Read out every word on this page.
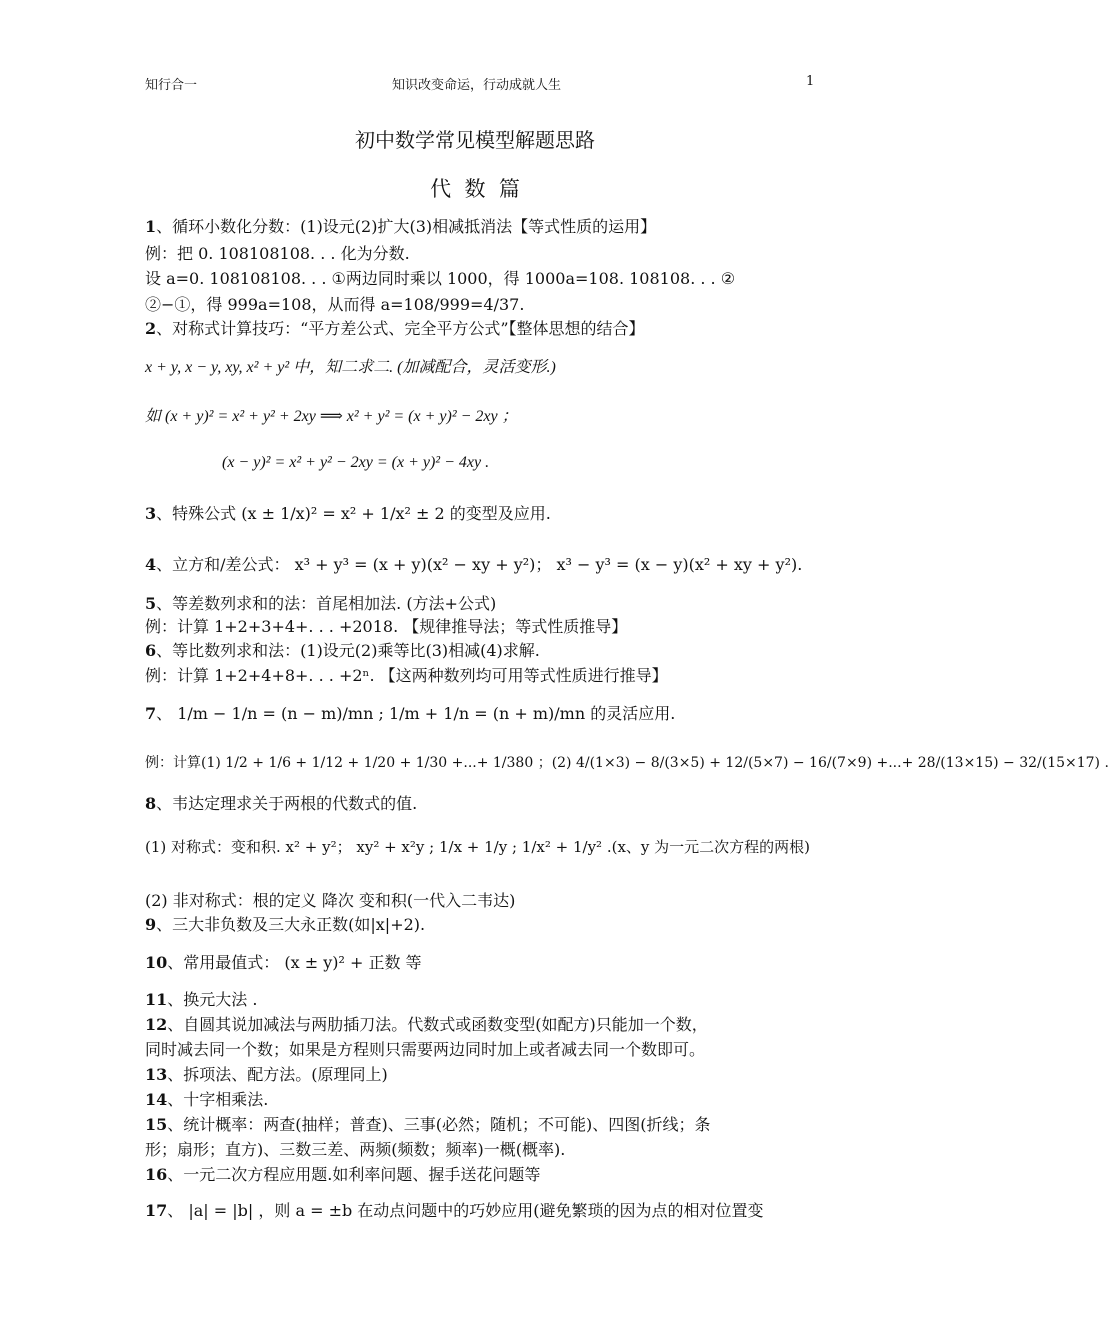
知行合一	知识改变命运，行动成就人生	1
初中数学常见模型解题思路
代  数  篇
1、循环小数化分数：(1)设元(2)扩大(3)相减抵消法【等式性质的运用】
例：把 0. 108108108. . . 化为分数.
设 a=0. 108108108. . . ①两边同时乘以 1000，得 1000a=108. 108108. . . ②
②−①，得 999a=108，从而得 a=108/999=4/37.
2、对称式计算技巧：“平方差公式、完全平方公式”【整体思想的结合】
x + y, x − y, xy, x² + y² 中，知二求二. (加减配合，灵活变形.)
如 (x + y)² = x² + y² + 2xy ⟹ x² + y² = (x + y)² − 2xy ；
(x − y)² = x² + y² − 2xy = (x + y)² − 4xy .
3、特殊公式 (x ± 1/x)² = x² + 1/x² ± 2 的变型及应用.
4、立方和/差公式： x³ + y³ = (x + y)(x² − xy + y²)； x³ − y³ = (x − y)(x² + xy + y²).
5、等差数列求和的法：首尾相加法. (方法+公式)
例：计算 1+2+3+4+. . . +2018. 【规律推导法；等式性质推导】
6、等比数列求和法：(1)设元(2)乘等比(3)相减(4)求解.
例：计算 1+2+4+8+. . . +2ⁿ. 【这两种数列均可用等式性质进行推导】
7、 1/m − 1/n = (n − m)/mn ; 1/m + 1/n = (n + m)/mn 的灵活应用.
例：计算(1) 1/2 + 1/6 + 1/12 + 1/20 + 1/30 +...+ 1/380 ；(2) 4/(1×3) − 8/(3×5) + 12/(5×7) − 16/(7×9) +...+ 28/(13×15) − 32/(15×17) .
8、韦达定理求关于两根的代数式的值.
(1) 对称式：变和积. x² + y²； xy² + x²y ; 1/x + 1/y ; 1/x² + 1/y² .(x、y 为一元二次方程的两根)
(2) 非对称式：根的定义 降次 变和积(一代入二韦达)
9、三大非负数及三大永正数(如|x|+2).
10、常用最值式： (x ± y)² + 正数 等
11、换元大法 .
12、自圆其说加减法与两肋插刀法。代数式或函数变型(如配方)只能加一个数，
同时减去同一个数；如果是方程则只需要两边同时加上或者减去同一个数即可。
13、拆项法、配方法。(原理同上)
14、十字相乘法.
15、统计概率：两查(抽样；普查)、三事(必然；随机；不可能)、四图(折线；条
形；扇形；直方)、三数三差、两频(频数；频率)一概(概率).
16、一元二次方程应用题.如利率问题、握手送花问题等
17、 |a| = |b| ，则 a = ±b 在动点问题中的巧妙应用(避免繁琐的因为点的相对位置变
